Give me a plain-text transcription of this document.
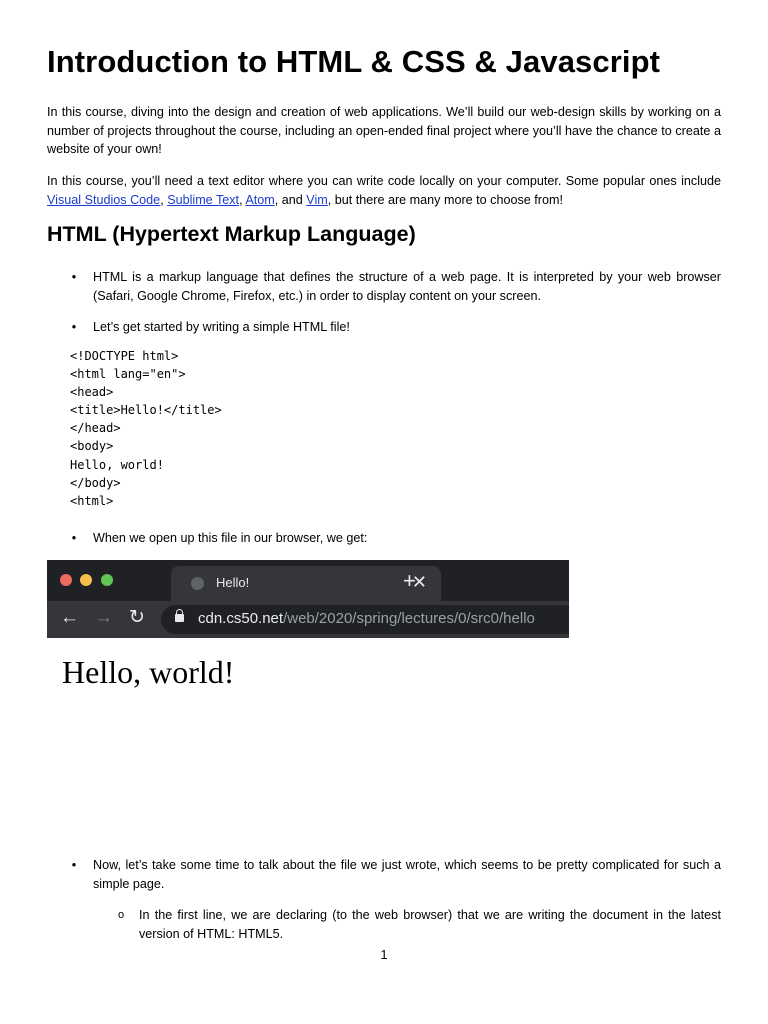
Introduction to HTML & CSS & Javascript

In this course, diving into the design and creation of web applications. We’ll build our web-design skills by working on a number of projects throughout the course, including an open-ended final project where you’ll have the chance to create a website of your own!

In this course, you’ll need a text editor where you can write code locally on your computer. Some popular ones include Visual Studios Code, Sublime Text, Atom, and Vim, but there are many more to choose from!

HTML (Hypertext Markup Language)
• HTML is a markup language that defines the structure of a web page. It is interpreted by your web browser (Safari, Google Chrome, Firefox, etc.) in order to display content on your screen.
• Let’s get started by writing a simple HTML file!
<!DOCTYPE html>
<html lang="en">
<head>
<title>Hello!</title>
</head>
<body>
Hello, world!
</body>
<html>
• When we open up this file in our browser, we get:
Hello!	✕
+
← → ↻	cdn.cs50.net/web/2020/spring/lectures/0/src0/hello
Hello, world!
• Now, let’s take some time to talk about the file we just wrote, which seems to be pretty complicated for such a simple page.
o In the first line, we are declaring (to the web browser) that we are writing the document in the latest version of HTML: HTML5.
1
